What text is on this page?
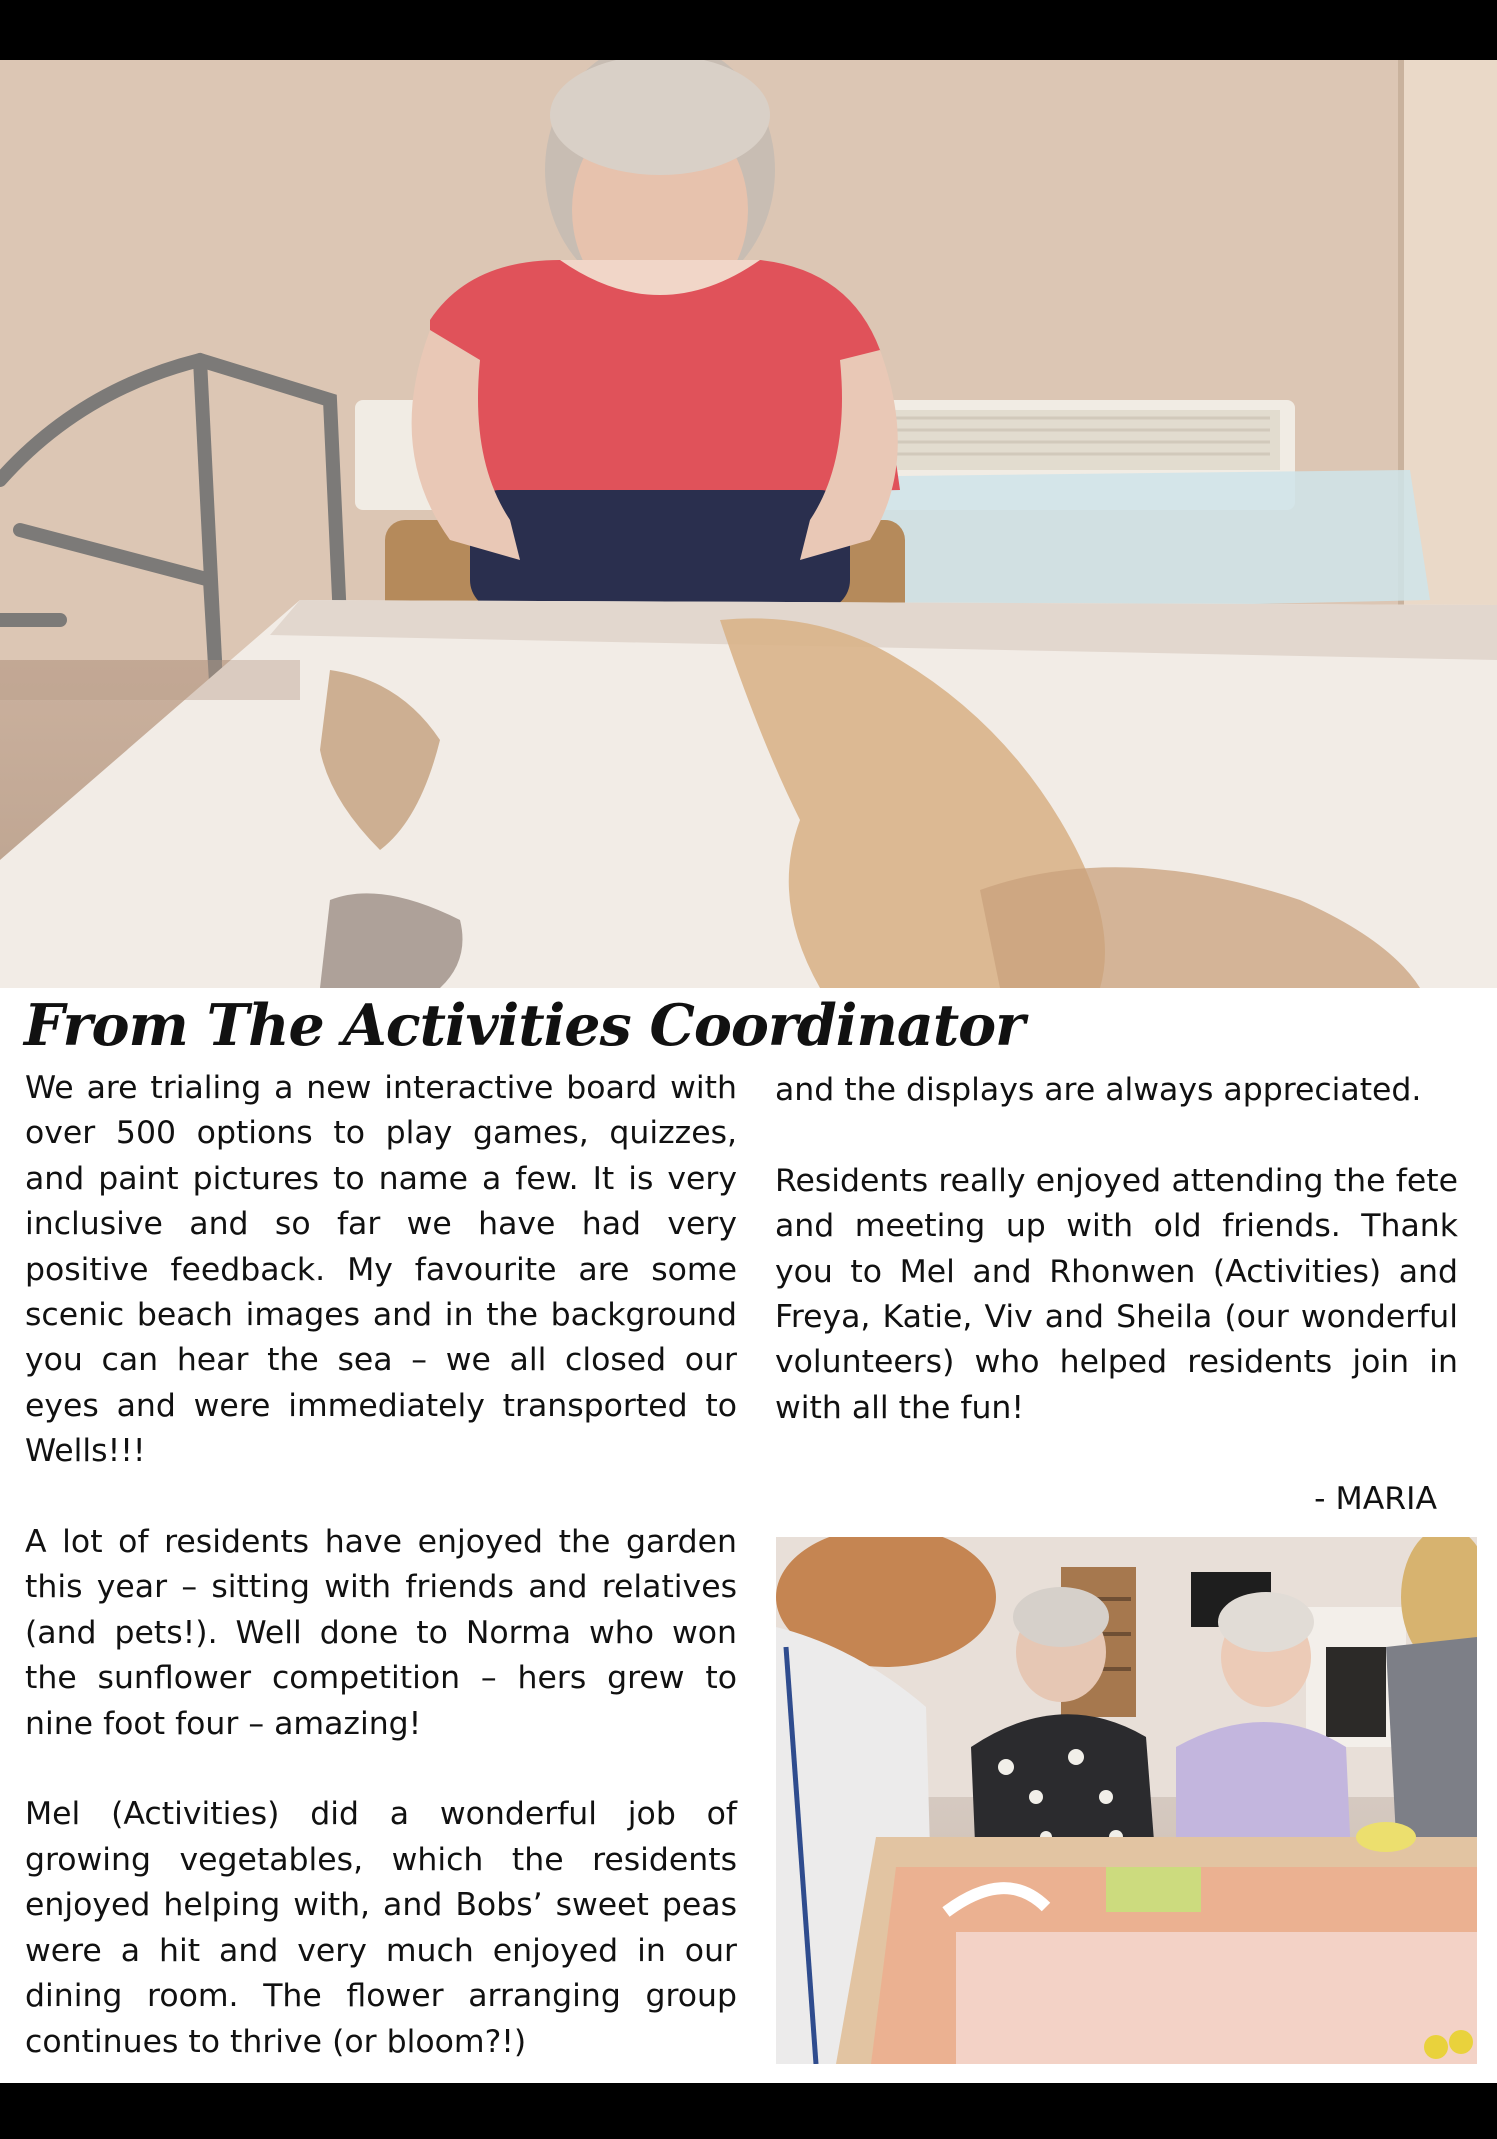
From The Activities Coordinator

We are trialing a new interactive board with over 500 options to play games, quizzes, and paint pictures to name a few. It is very inclusive and so far we have had very positive feedback. My favourite are some scenic beach images and in the background you can hear the sea – we all closed our eyes and were immediately transported to Wells!!!

A lot of residents have enjoyed the garden this year – sitting with friends and relatives (and pets!). Well done to Norma who won the sunflower competition – hers grew to nine foot four – amazing!

Mel (Activities) did a wonderful job of growing vegetables, which the residents enjoyed helping with, and Bobs’ sweet peas were a hit and very much enjoyed in our dining room. The flower arranging group continues to thrive (or bloom?!)

and the displays are always appreciated.

Residents really enjoyed attending the fete and meeting up with old friends. Thank you to Mel and Rhonwen (Activities) and Freya, Katie, Viv and Sheila (our wonderful volunteers) who helped residents join in with all the fun!

- MARIA
